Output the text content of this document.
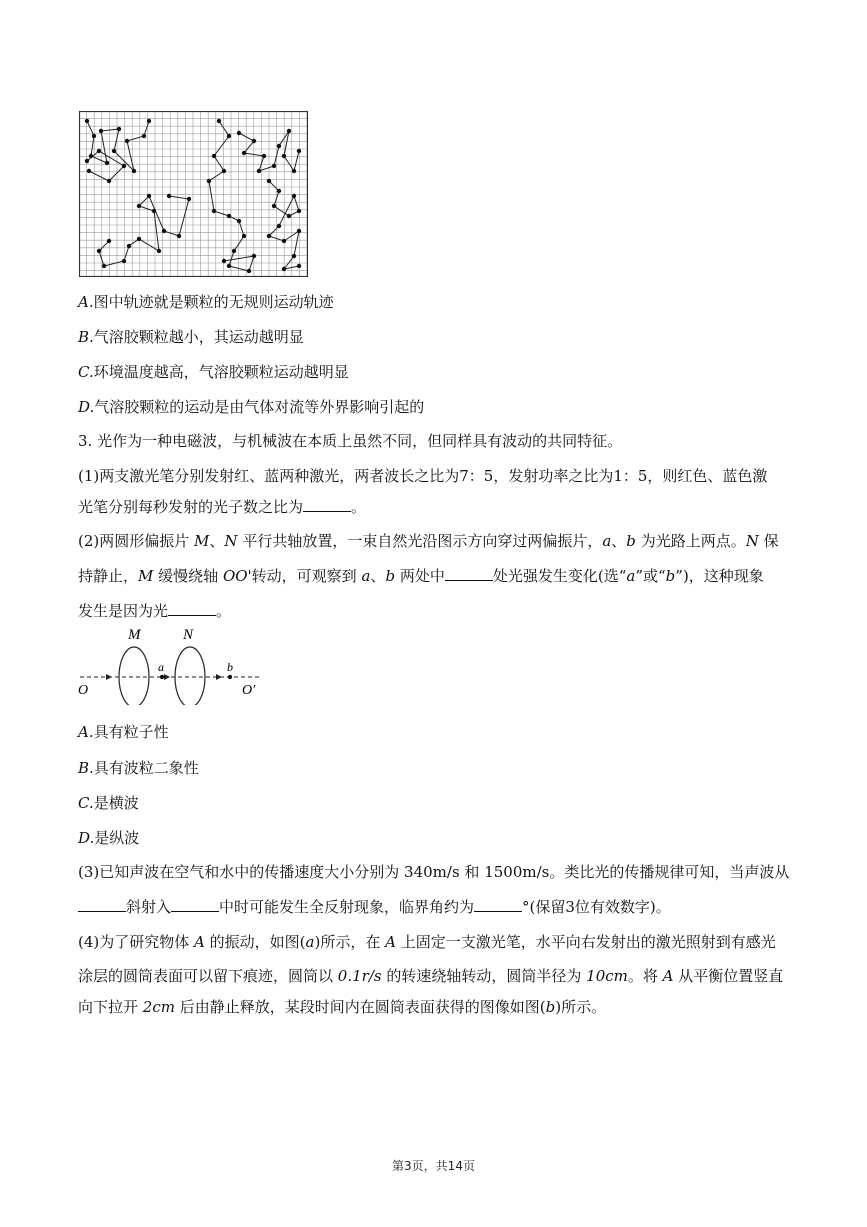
A.图中轨迹就是颗粒的无规则运动轨迹
B.气溶胶颗粒越小，其运动越明显
C.环境温度越高，气溶胶颗粒运动越明显
D.气溶胶颗粒的运动是由气体对流等外界影响引起的
3. 光作为一种电磁波，与机械波在本质上虽然不同，但同样具有波动的共同特征。
(1)两支激光笔分别发射红、蓝两种激光，两者波长之比为7：5，发射功率之比为1：5，则红色、蓝色激
光笔分别每秒发射的光子数之比为	。
(2)两圆形偏振片 M、N 平行共轴放置，一束自然光沿图示方向穿过两偏振片，a、b 为光路上两点。N 保
持静止，M 缓慢绕轴 OO'转动，可观察到 a、b 两处中	处光强发生变化(选“a”或“b”)，这种现象
发生是因为光	。
M	N
a	b
O	O′
A.具有粒子性
B.具有波粒二象性
C.是横波
D.是纵波
(3)已知声波在空气和水中的传播速度大小分别为 340m/s 和 1500m/s。类比光的传播规律可知，当声波从
斜射入	中时可能发生全反射现象，临界角约为	°(保留3位有效数字)。
(4)为了研究物体 A 的振动，如图(a)所示，在 A 上固定一支激光笔，水平向右发射出的激光照射到有感光
涂层的圆筒表面可以留下痕迹，圆筒以 0.1r/s 的转速绕轴转动，圆筒半径为 10cm。将 A 从平衡位置竖直
向下拉开 2cm 后由静止释放，某段时间内在圆筒表面获得的图像如图(b)所示。
第3页，共14页
